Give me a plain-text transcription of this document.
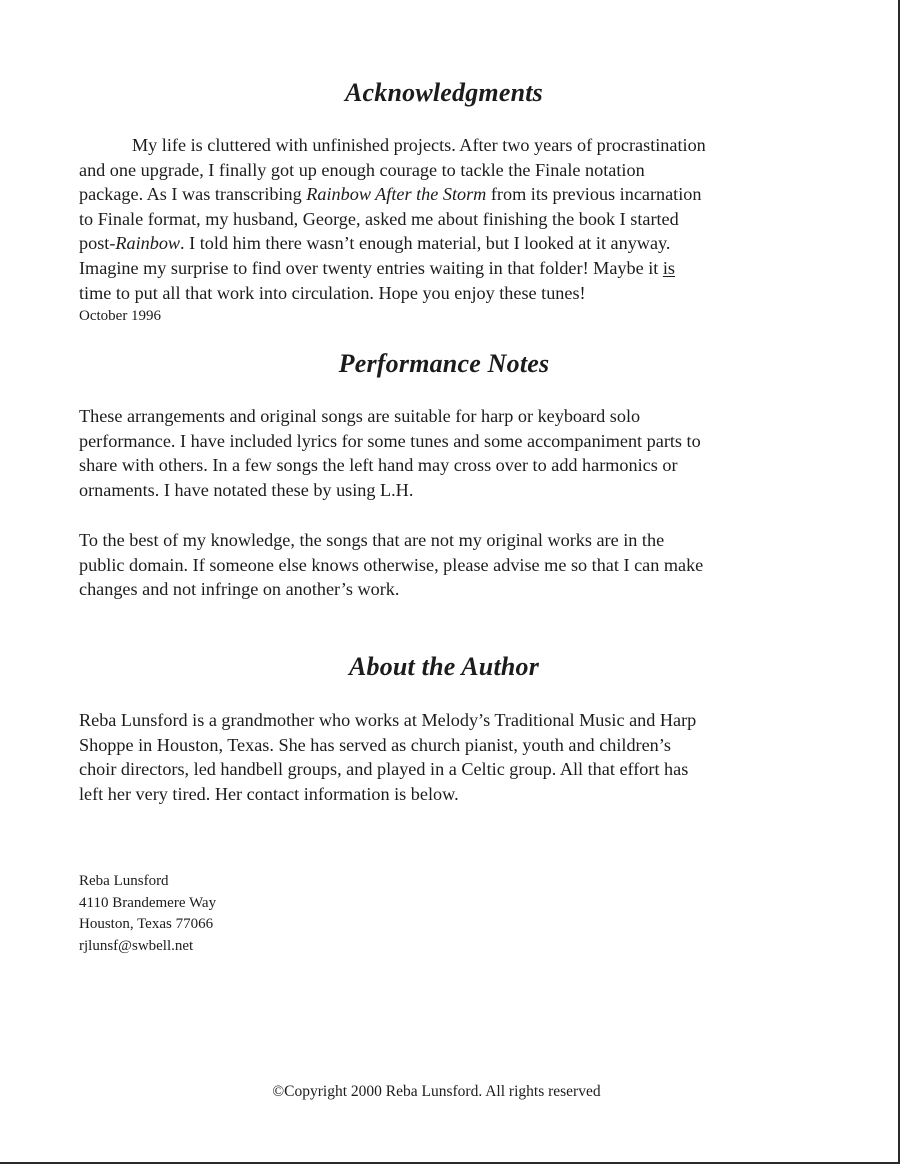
Acknowledgments
My life is cluttered with unfinished projects. After two years of procrastination
and one upgrade, I finally got up enough courage to tackle the Finale notation
package. As I was transcribing Rainbow After the Storm from its previous incarnation
to Finale format, my husband, George, asked me about finishing the book I started
post-Rainbow. I told him there wasn’t enough material, but I looked at it anyway.
Imagine my surprise to find over twenty entries waiting in that folder! Maybe it is
time to put all that work into circulation. Hope you enjoy these tunes!
October 1996
Performance Notes
These arrangements and original songs are suitable for harp or keyboard solo
performance. I have included lyrics for some tunes and some accompaniment parts to
share with others. In a few songs the left hand may cross over to add harmonics or
ornaments. I have notated these by using L.H.
To the best of my knowledge, the songs that are not my original works are in the
public domain. If someone else knows otherwise, please advise me so that I can make
changes and not infringe on another’s work.
About the Author
Reba Lunsford is a grandmother who works at Melody’s Traditional Music and Harp
Shoppe in Houston, Texas. She has served as church pianist, youth and children’s
choir directors, led handbell groups, and played in a Celtic group. All that effort has
left her very tired. Her contact information is below.
Reba Lunsford
4110 Brandemere Way
Houston, Texas 77066
rjlunsf@swbell.net
©Copyright 2000 Reba Lunsford. All rights reserved
